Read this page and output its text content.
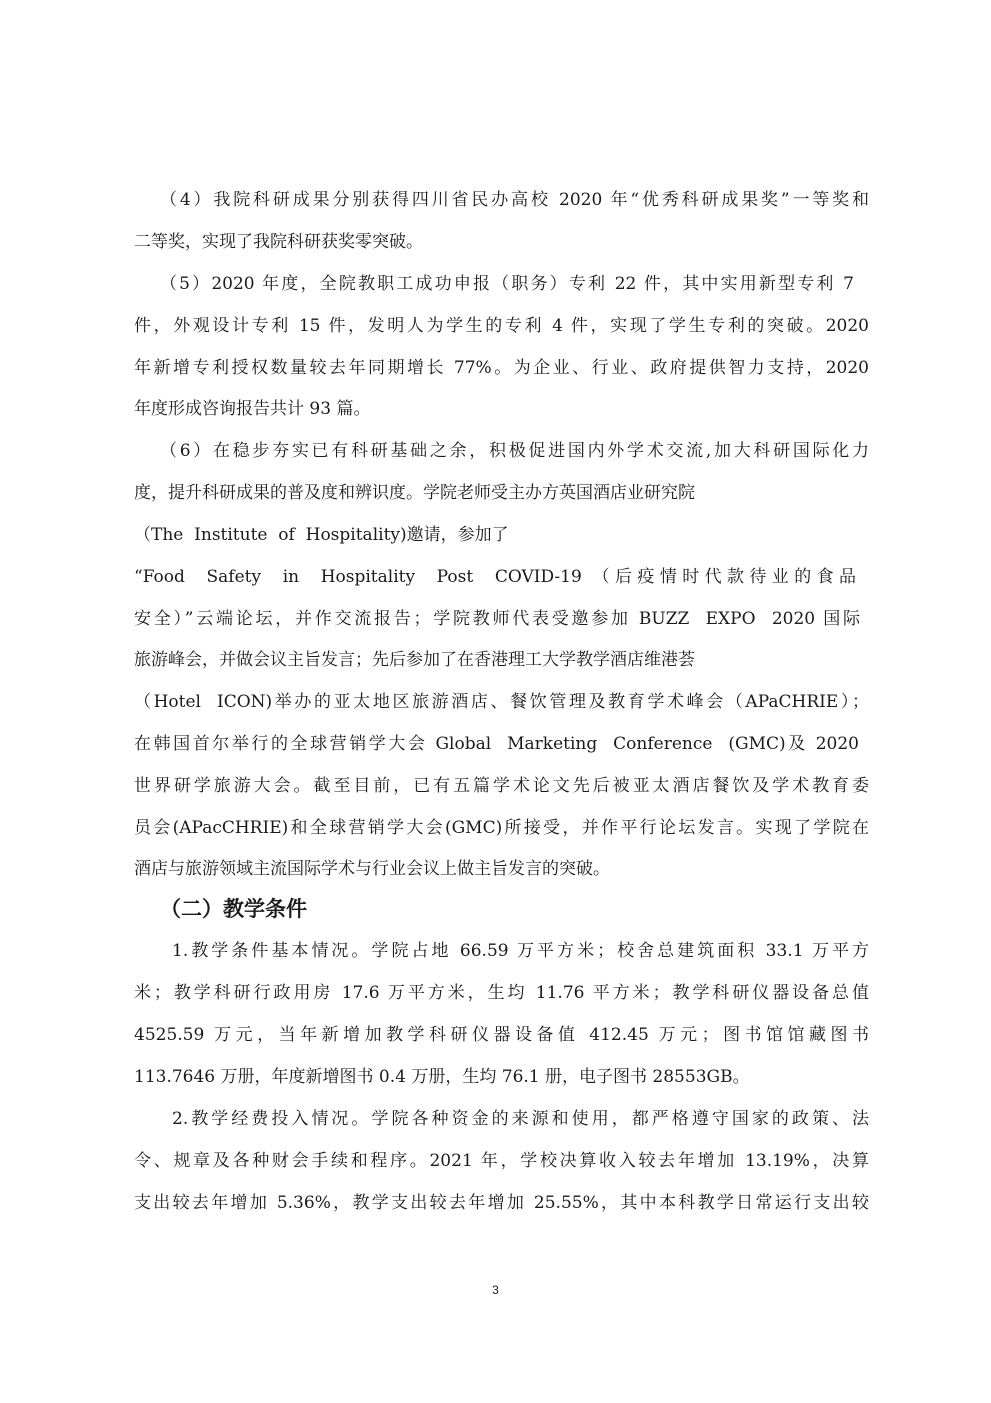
（4）我院科研成果分别获得四川省民办高校 2020 年“优秀科研成果奖”一等奖和
二等奖，实现了我院科研获奖零突破。
（5）2020 年度，全院教职工成功申报（职务）专利 22 件，其中实用新型专利 7
件，外观设计专利 15 件，发明人为学生的专利 4 件，实现了学生专利的突破。2020
年新增专利授权数量较去年同期增长 77%。为企业、行业、政府提供智力支持，2020
年度形成咨询报告共计 93 篇。
（6）在稳步夯实已有科研基础之余，积极促进国内外学术交流,加大科研国际化力
度，提升科研成果的普及度和辨识度。学院老师受主办方英国酒店业研究院
（The  Institute  of  Hospitality)邀请，参加了
“Food  Safety  in  Hospitality  Post  COVID-19 （后疫情时代款待业的食品
安全）”云端论坛，并作交流报告；学院教师代表受邀参加 BUZZ  EXPO  2020 国际
旅游峰会，并做会议主旨发言；先后参加了在香港理工大学教学酒店维港荟
（Hotel  ICON)举办的亚太地区旅游酒店、餐饮管理及教育学术峰会（APaCHRIE）；
在韩国首尔举行的全球营销学大会 Global  Marketing  Conference  (GMC)及 2020
世界研学旅游大会。截至目前，已有五篇学术论文先后被亚太酒店餐饮及学术教育委
员会(APacCHRIE)和全球营销学大会(GMC)所接受，并作平行论坛发言。实现了学院在
酒店与旅游领域主流国际学术与行业会议上做主旨发言的突破。
（二）教学条件
1.教学条件基本情况。学院占地 66.59 万平方米；校舍总建筑面积 33.1 万平方
米；教学科研行政用房 17.6 万平方米，生均 11.76 平方米；教学科研仪器设备总值
4525.59 万元，当年新增加教学科研仪器设备值 412.45 万元；图书馆馆藏图书
113.7646 万册，年度新增图书 0.4 万册，生均 76.1 册，电子图书 28553GB。
2.教学经费投入情况。学院各种资金的来源和使用，都严格遵守国家的政策、法
令、规章及各种财会手续和程序。2021 年，学校决算收入较去年增加 13.19%，决算
支出较去年增加 5.36%，教学支出较去年增加 25.55%，其中本科教学日常运行支出较
3
